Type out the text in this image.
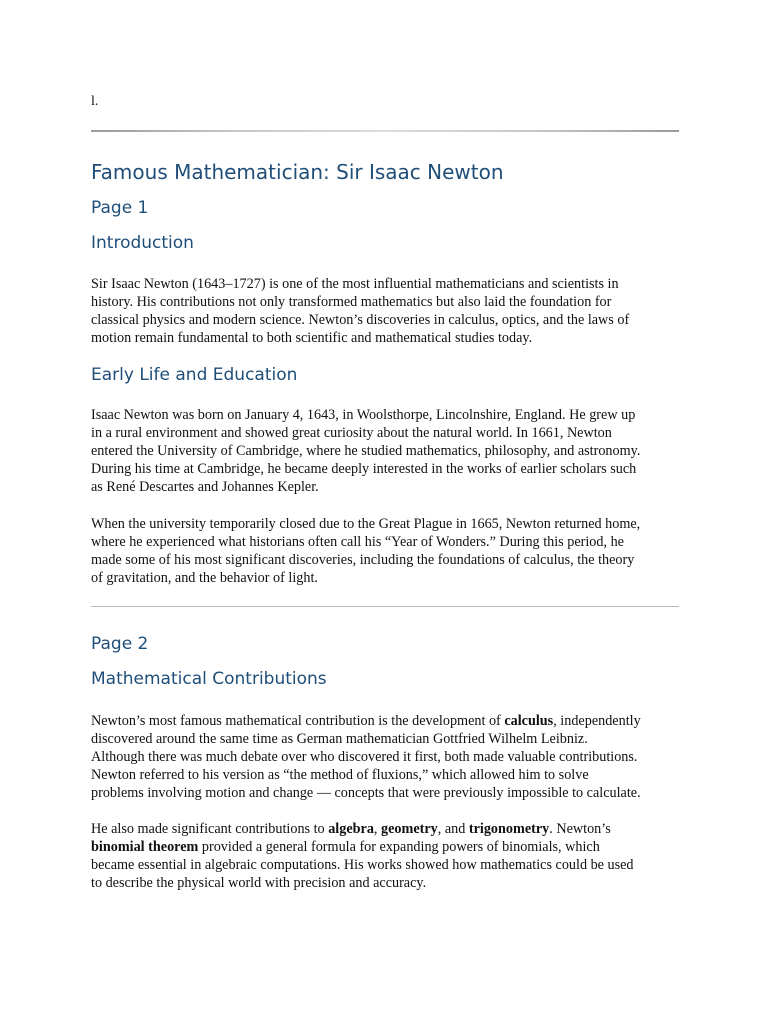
l.
Famous Mathematician: Sir Isaac Newton
Page 1
Introduction
Sir Isaac Newton (1643–1727) is one of the most influential mathematicians and scientists in
history. His contributions not only transformed mathematics but also laid the foundation for
classical physics and modern science. Newton’s discoveries in calculus, optics, and the laws of
motion remain fundamental to both scientific and mathematical studies today.
Early Life and Education
Isaac Newton was born on January 4, 1643, in Woolsthorpe, Lincolnshire, England. He grew up
in a rural environment and showed great curiosity about the natural world. In 1661, Newton
entered the University of Cambridge, where he studied mathematics, philosophy, and astronomy.
During his time at Cambridge, he became deeply interested in the works of earlier scholars such
as René Descartes and Johannes Kepler.
When the university temporarily closed due to the Great Plague in 1665, Newton returned home,
where he experienced what historians often call his “Year of Wonders.” During this period, he
made some of his most significant discoveries, including the foundations of calculus, the theory
of gravitation, and the behavior of light.
Page 2
Mathematical Contributions
Newton’s most famous mathematical contribution is the development of calculus, independently
discovered around the same time as German mathematician Gottfried Wilhelm Leibniz.
Although there was much debate over who discovered it first, both made valuable contributions.
Newton referred to his version as “the method of fluxions,” which allowed him to solve
problems involving motion and change — concepts that were previously impossible to calculate.
He also made significant contributions to algebra, geometry, and trigonometry. Newton’s
binomial theorem provided a general formula for expanding powers of binomials, which
became essential in algebraic computations. His works showed how mathematics could be used
to describe the physical world with precision and accuracy.
